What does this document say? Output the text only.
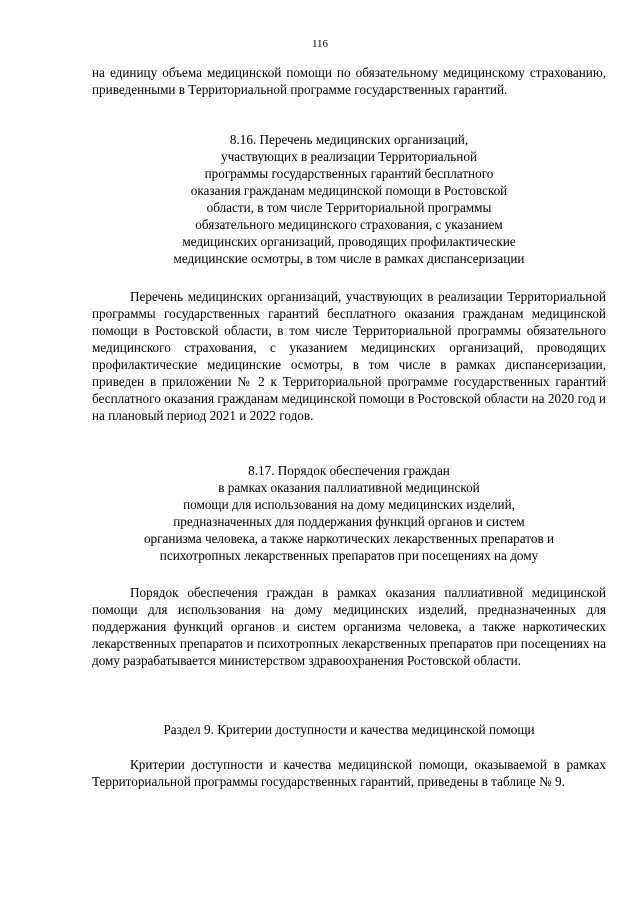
116

на единицу объема медицинской помощи по обязательному медицинскому страхованию, приведенными в Территориальной программе государственных гарантий.

8.16. Перечень медицинских организаций,
участвующих в реализации Территориальной
программы государственных гарантий бесплатного
оказания гражданам медицинской помощи в Ростовской
области, в том числе Территориальной программы
обязательного медицинского страхования, с указанием
медицинских организаций, проводящих профилактические
медицинские осмотры, в том числе в рамках диспансеризации

Перечень медицинских организаций, участвующих в реализации Территориальной программы государственных гарантий бесплатного оказания гражданам медицинской помощи в Ростовской области, в том числе Территориальной программы обязательного медицинского страхования, с указанием медицинских организаций, проводящих профилактические медицинские осмотры, в том числе в рамках диспансеризации, приведен в приложении № 2 к Территориальной программе государственных гарантий бесплатного оказания гражданам медицинской помощи в Ростовской области на 2020 год и на плановый период 2021 и 2022 годов.

8.17. Порядок обеспечения граждан
в рамках оказания паллиативной медицинской
помощи для использования на дому медицинских изделий,
предназначенных для поддержания функций органов и систем
организма человека, а также наркотических лекарственных препаратов и
психотропных лекарственных препаратов при посещениях на дому

Порядок обеспечения граждан в рамках оказания паллиативной медицинской помощи для использования на дому медицинских изделий, предназначенных для поддержания функций органов и систем организма человека, а также наркотических лекарственных препаратов и психотропных лекарственных препаратов при посещениях на дому разрабатывается министерством здравоохранения Ростовской области.

Раздел 9. Критерии доступности и качества медицинской помощи

Критерии доступности и качества медицинской помощи, оказываемой в рамках Территориальной программы государственных гарантий, приведены в таблице № 9.
